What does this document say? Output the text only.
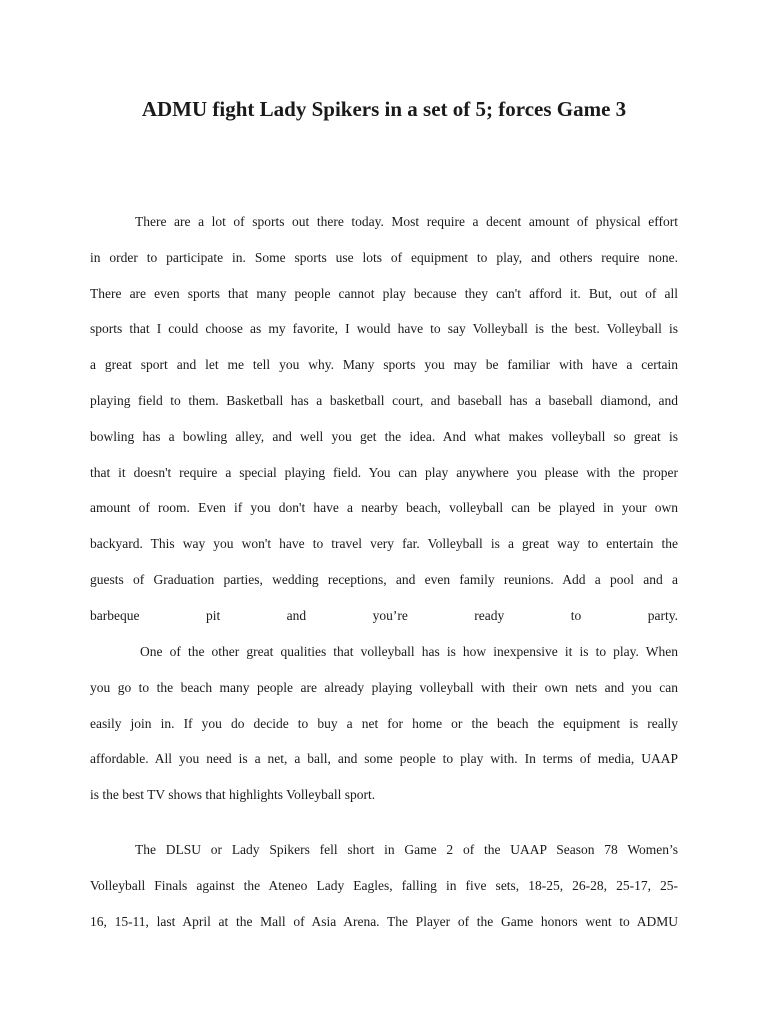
ADMU fight Lady Spikers in a set of 5; forces Game 3
There are a lot of sports out there today. Most require a decent amount of physical effort
in order to participate in. Some sports use lots of equipment to play, and others require none.
There are even sports that many people cannot play because they can't afford it. But, out of all
sports that I could choose as my favorite, I would have to say Volleyball is the best. Volleyball is
a great sport and let me tell you why. Many sports you may be familiar with have a certain
playing field to them. Basketball has a basketball court, and baseball has a baseball diamond, and
bowling has a bowling alley, and well you get the idea. And what makes volleyball so great is
that it doesn't require a special playing field. You can play anywhere you please with the proper
amount of room. Even if you don't have a nearby beach, volleyball can be played in your own
backyard. This way you won't have to travel very far. Volleyball is a great way to entertain the
guests of Graduation parties, wedding receptions, and even family reunions. Add a pool and a
barbeque	pit	and	you’re	ready	to	party.
One of the other great qualities that volleyball has is how inexpensive it is to play. When
you go to the beach many people are already playing volleyball with their own nets and you can
easily join in. If you do decide to buy a net for home or the beach the equipment is really
affordable. All you need is a net, a ball, and some people to play with. In terms of media, UAAP
is the best TV shows that highlights Volleyball sport.
The DLSU or Lady Spikers fell short in Game 2 of the UAAP Season 78 Women’s
Volleyball Finals against the Ateneo Lady Eagles, falling in five sets, 18-25, 26-28, 25-17, 25-
16, 15-11, last April at the Mall of Asia Arena. The Player of the Game honors went to ADMU
